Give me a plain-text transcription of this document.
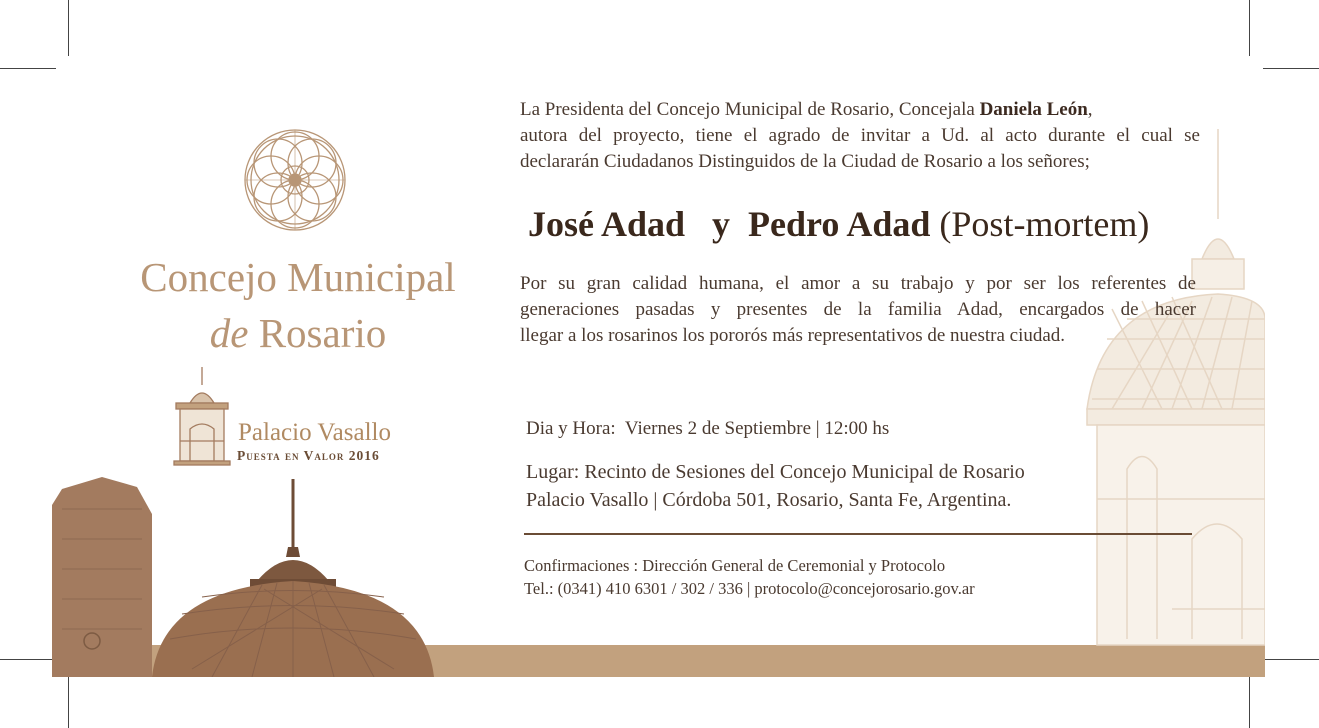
Concejo Municipal
de Rosario
Palacio Vasallo
Puesta en Valor 2016
La Presidenta del Concejo Municipal de Rosario, Concejala Daniela León,
autora del proyecto, tiene el agrado de invitar a Ud. al acto durante el cual se
declararán Ciudadanos Distinguidos de la Ciudad de Rosario a los señores;
José Adad y Pedro Adad (Post-mortem)
Por su gran calidad humana, el amor a su trabajo y por ser los referentes de
generaciones pasadas y presentes de la familia Adad, encargados de hacer
llegar a los rosarinos los pororós más representativos de nuestra ciudad.
Dia y Hora: Viernes 2 de Septiembre | 12:00 hs
Lugar: Recinto de Sesiones del Concejo Municipal de Rosario
Palacio Vasallo | Córdoba 501, Rosario, Santa Fe, Argentina.
Confirmaciones : Dirección General de Ceremonial y Protocolo
Tel.: (0341) 410 6301 / 302 / 336 | protocolo@concejorosario.gov.ar
